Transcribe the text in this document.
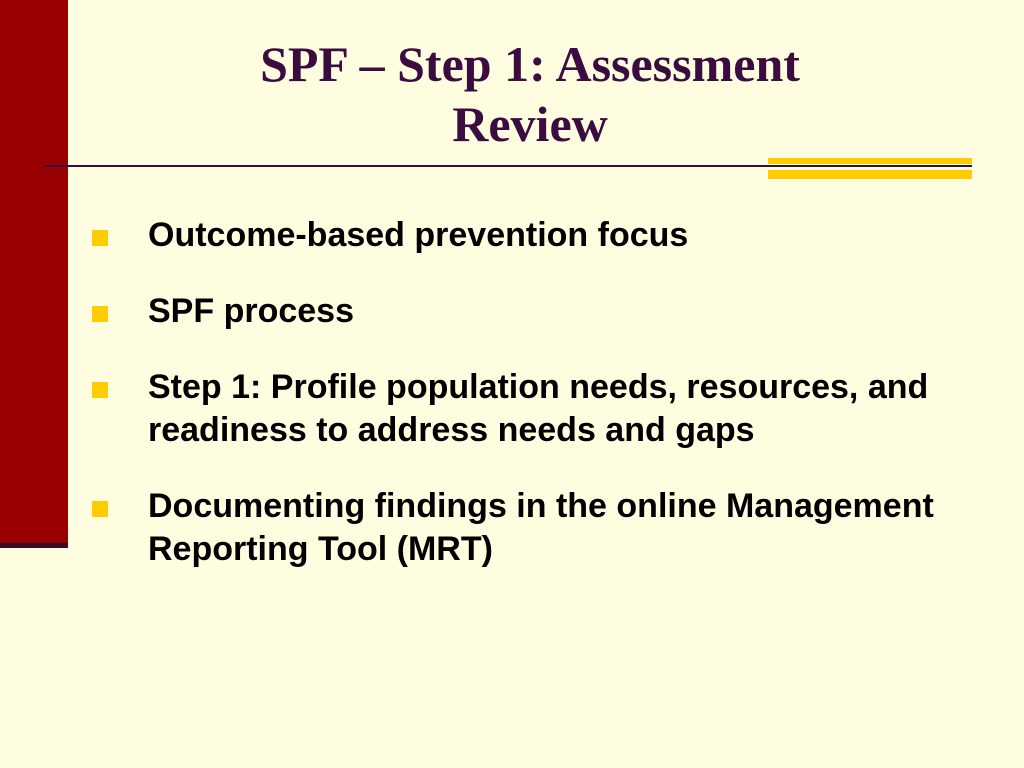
SPF – Step 1: Assessment
Review
Outcome-based prevention focus
SPF process
Step 1: Profile population needs, resources, and readiness to address needs and gaps
Documenting findings in the online Management Reporting Tool (MRT)
